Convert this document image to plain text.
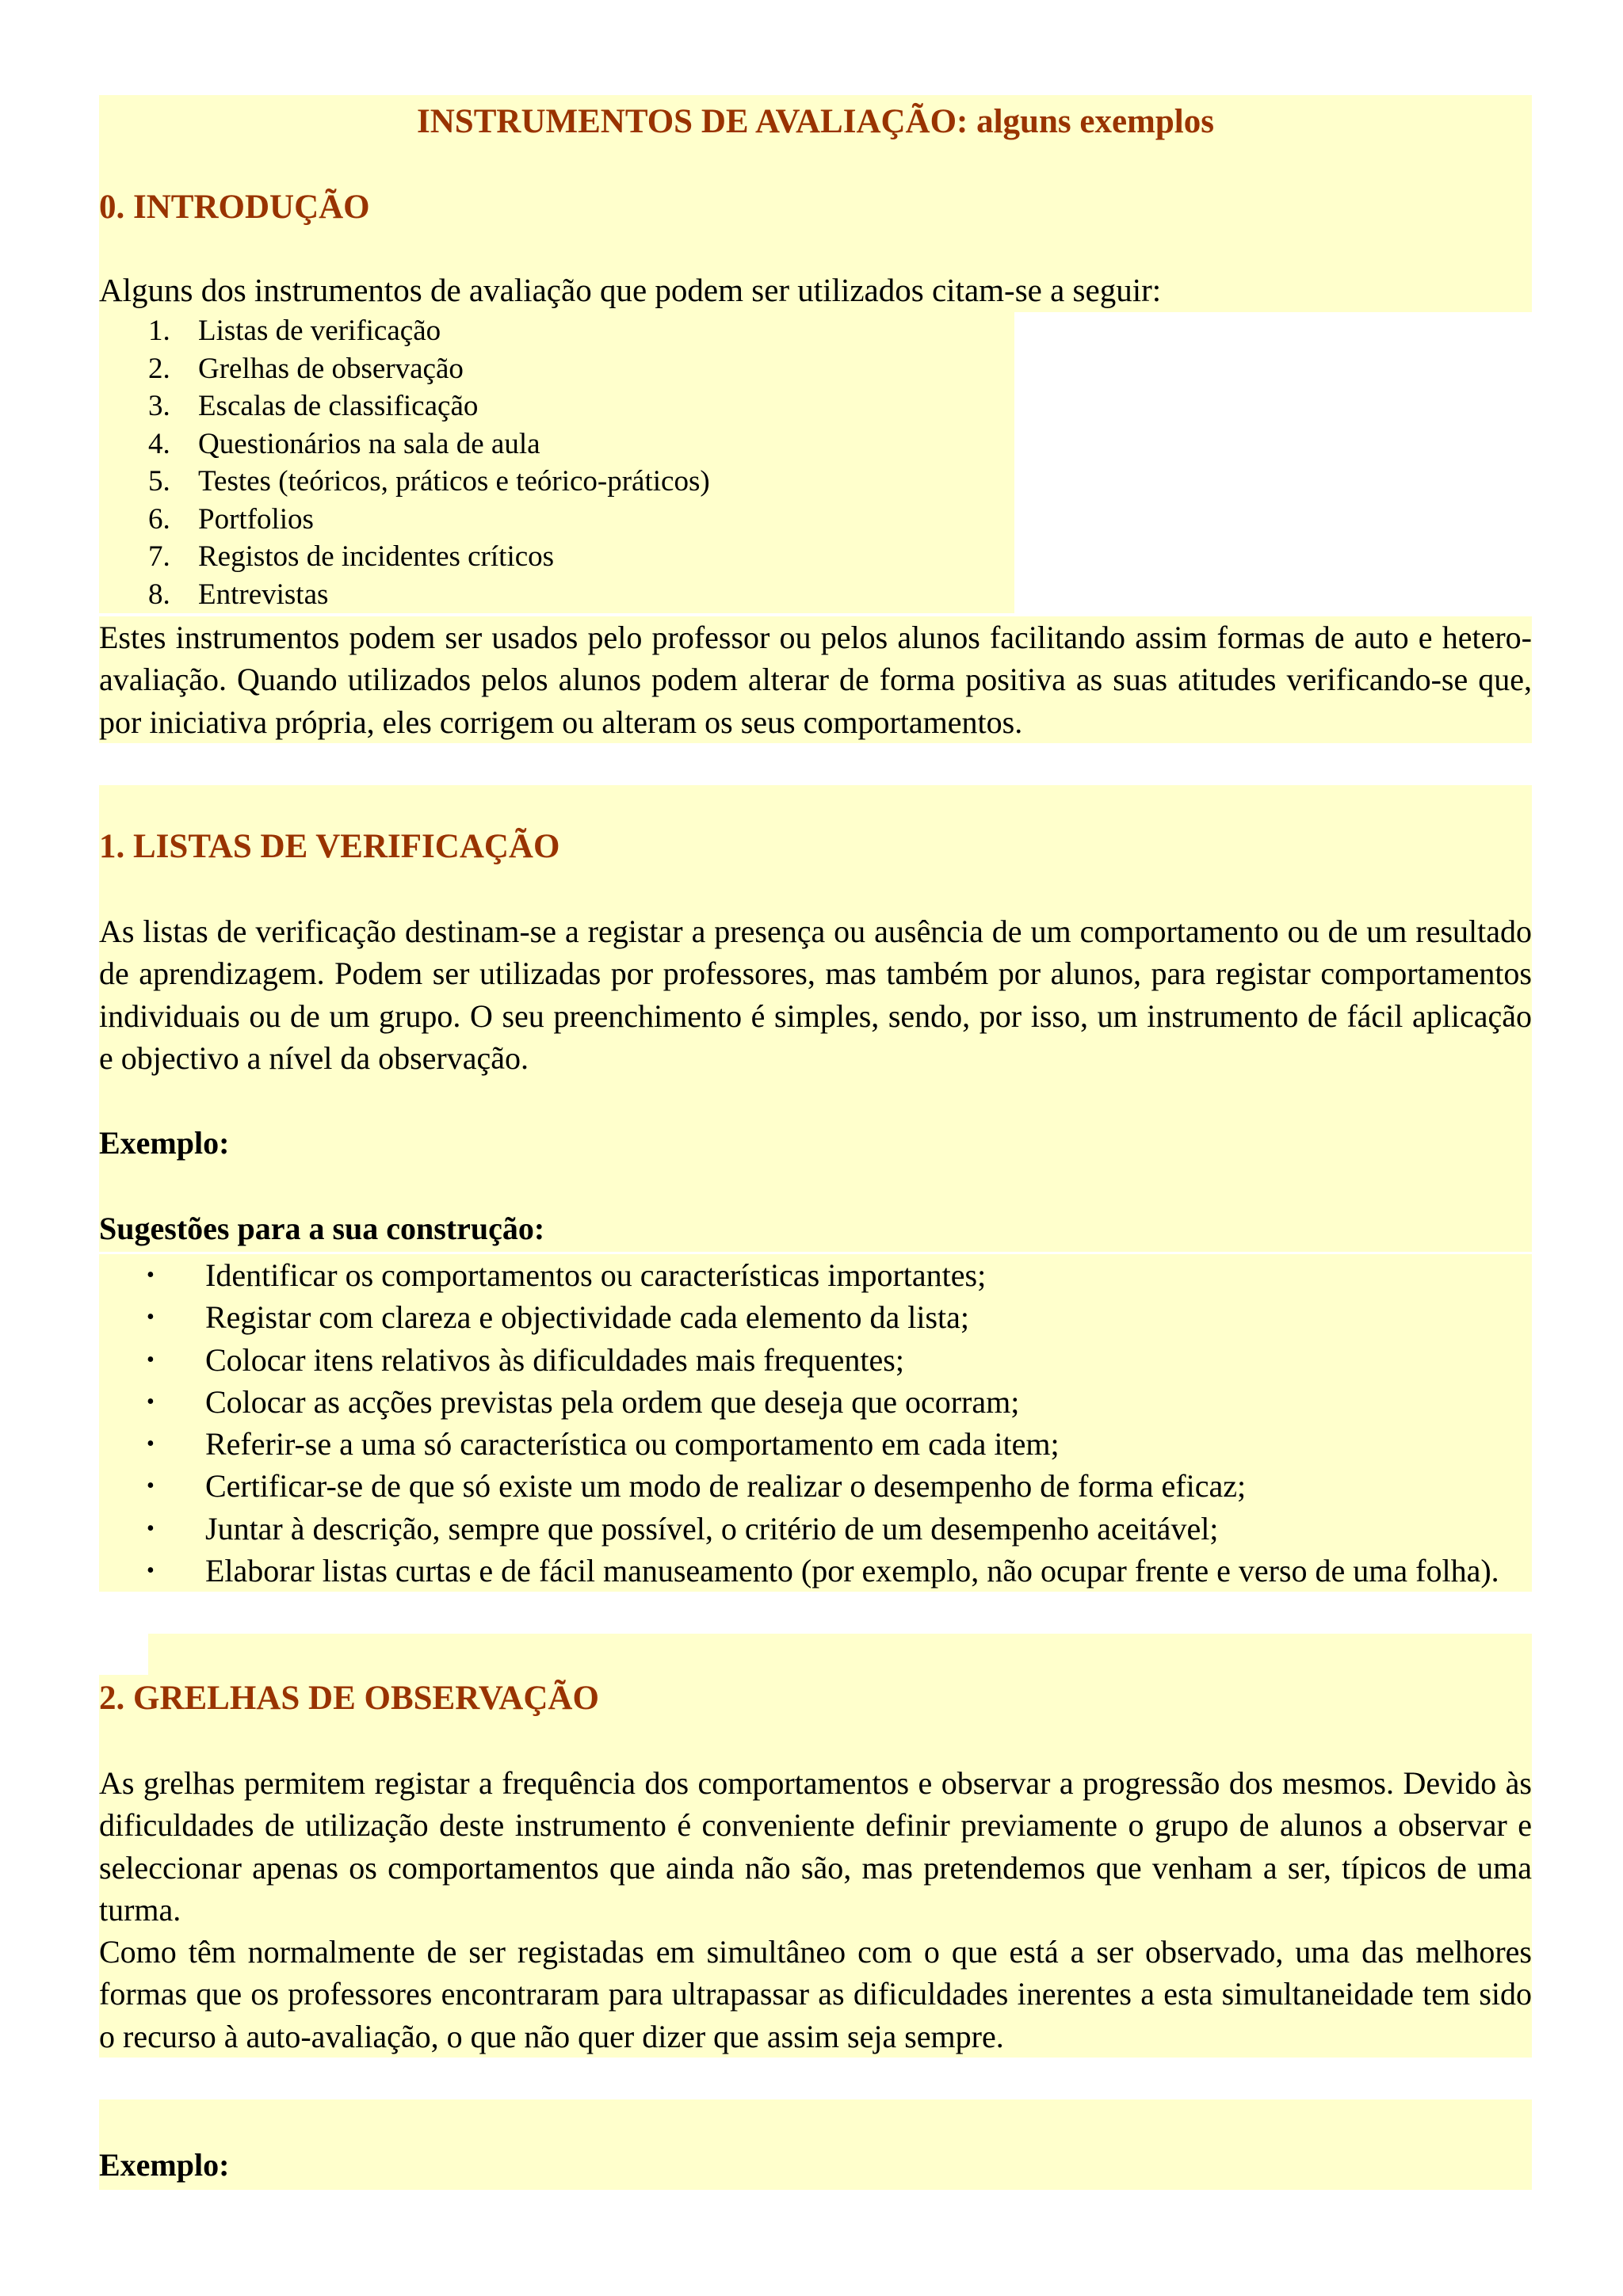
INSTRUMENTOS DE AVALIAÇÃO: alguns exemplos
0. INTRODUÇÃO
Alguns dos instrumentos de avaliação que podem ser utilizados citam-se a seguir:
1. Listas de verificação
2. Grelhas de observação
3. Escalas de classificação
4. Questionários na sala de aula
5. Testes (teóricos, práticos e teórico-práticos)
6. Portfolios
7. Registos de incidentes críticos
8. Entrevistas

Estes instrumentos podem ser usados pelo professor ou pelos alunos facilitando assim formas de auto e hetero-avaliação. Quando utilizados pelos alunos podem alterar de forma positiva as suas atitudes verificando-se que, por iniciativa própria, eles corrigem ou alteram os seus comportamentos.

1. LISTAS DE VERIFICAÇÃO

As listas de verificação destinam-se a registar a presença ou ausência de um comportamento ou de um resultado de aprendizagem. Podem ser utilizadas por professores, mas também por alunos, para registar comportamentos individuais ou de um grupo. O seu preenchimento é simples, sendo, por isso, um instrumento de fácil aplicação e objectivo a nível da observação.

Exemplo:
Sugestões para a sua construção:
•	Identificar os comportamentos ou características importantes;
•	Registar com clareza e objectividade cada elemento da lista;
•	Colocar itens relativos às dificuldades mais frequentes;
•	Colocar as acções previstas pela ordem que deseja que ocorram;
•	Referir-se a uma só característica ou comportamento em cada item;
•	Certificar-se de que só existe um modo de realizar o desempenho de forma eficaz;
•	Juntar à descrição, sempre que possível, o critério de um desempenho aceitável;
•	Elaborar listas curtas e de fácil manuseamento (por exemplo, não ocupar frente e verso de uma folha).
2. GRELHAS DE OBSERVAÇÃO

As grelhas permitem registar a frequência dos comportamentos e observar a progressão dos mesmos. Devido às dificuldades de utilização deste instrumento é conveniente definir previamente o grupo de alunos a observar e seleccionar apenas os comportamentos que ainda não são, mas pretendemos que venham a ser, típicos de uma turma.

Como têm normalmente de ser registadas em simultâneo com o que está a ser observado, uma das melhores formas que os professores encontraram para ultrapassar as dificuldades inerentes a esta simultaneidade tem sido o recurso à auto-avaliação, o que não quer dizer que assim seja sempre.

Exemplo:
